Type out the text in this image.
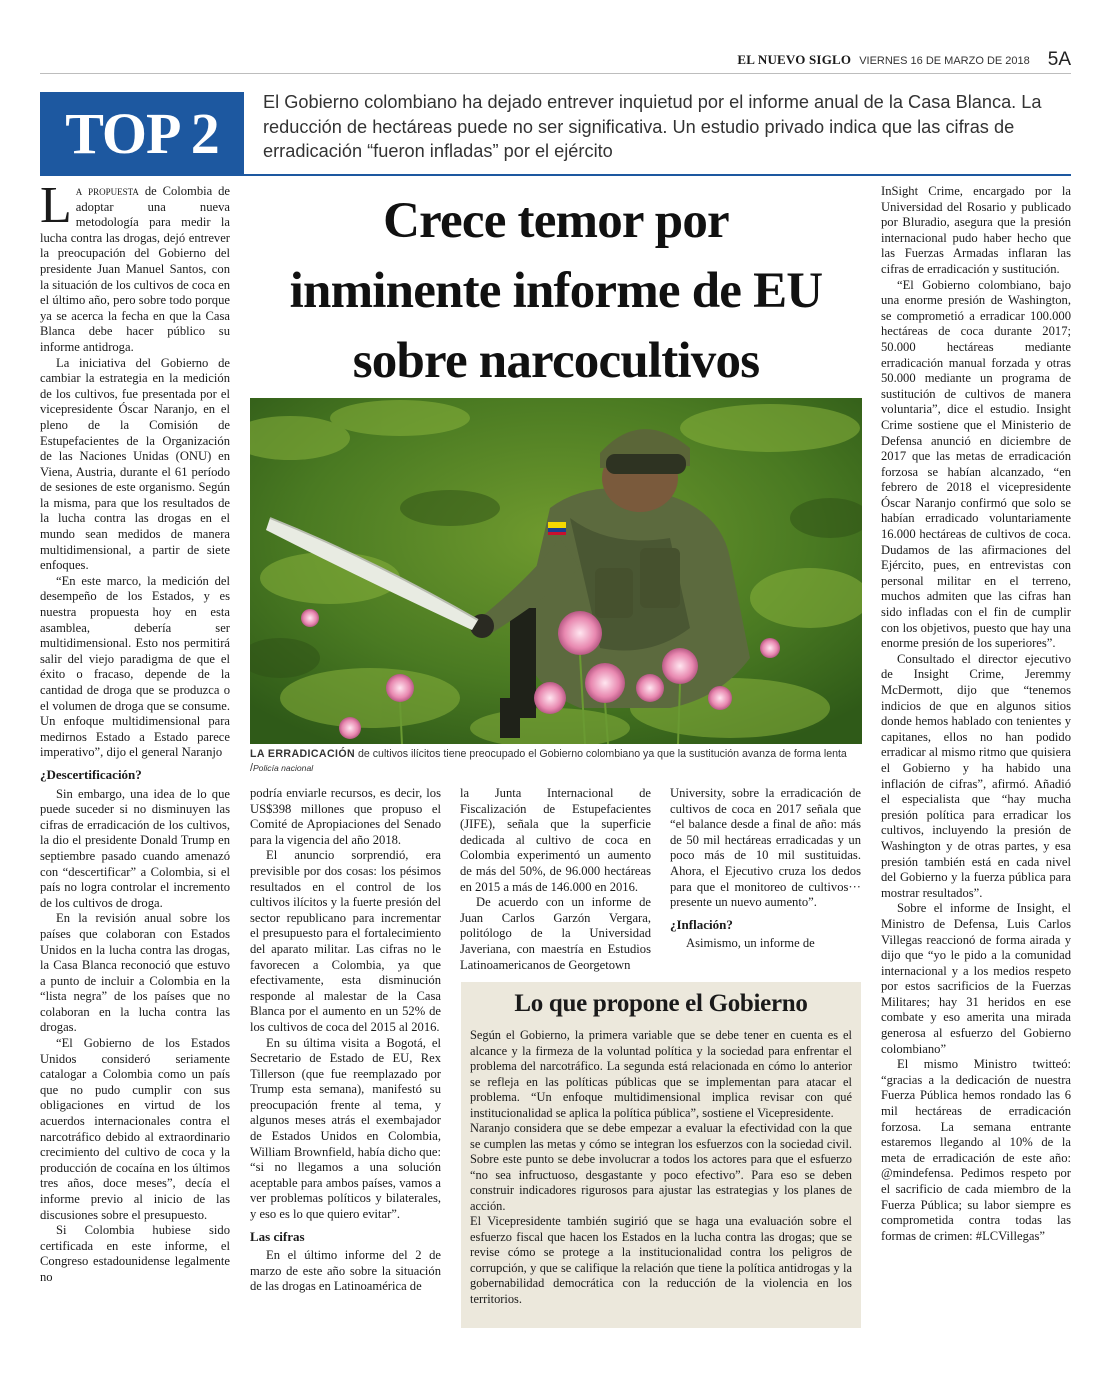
EL NUEVO SIGLO VIERNES 16 DE MARZO DE 2018 5A
TOP 2	El Gobierno colombiano ha dejado entrever inquietud por el informe anual de la Casa Blanca. La reducción de hectáreas puede no ser significativa. Un estudio privado indica que las cifras de erradicación “fueron infladas” por el ejército

La propuesta de Colombia de adoptar una nueva metodología para medir la lucha contra las drogas, dejó entrever la preocupación del Gobierno del presidente Juan Manuel Santos, con la situación de los cultivos de coca en el último año, pero sobre todo porque ya se acerca la fecha en que la Casa Blanca debe hacer público su informe antidroga.

La iniciativa del Gobierno de cambiar la estrategia en la medición de los cultivos, fue presentada por el vicepresidente Óscar Naranjo, en el pleno de la Comisión de Estupefacientes de la Organización de las Naciones Unidas (ONU) en Viena, Austria, durante el 61 período de sesiones de este organismo. Según la misma, para que los resultados de la lucha contra las drogas en el mundo sean medidos de manera multidimensional, a partir de siete enfoques.

“En este marco, la medición del desempeño de los Estados, y es nuestra propuesta hoy en esta asamblea, debería ser multidimensional. Esto nos permitirá salir del viejo paradigma de que el éxito o fracaso, depende de la cantidad de droga que se produzca o el volumen de droga que se consume. Un enfoque multidimensional para medirnos Estado a Estado parece imperativo”, dijo el general Naranjo

¿Descertificación?

Sin embargo, una idea de lo que puede suceder si no disminuyen las cifras de erradicación de los cultivos, la dio el presidente Donald Trump en septiembre pasado cuando amenazó con “descertificar” a Colombia, si el país no logra controlar el incremento de los cultivos de droga.

En la revisión anual sobre los países que colaboran con Estados Unidos en la lucha contra las drogas, la Casa Blanca reconoció que estuvo a punto de incluir a Colombia en la “lista negra” de los países que no colaboran en la lucha contra las drogas.

“El Gobierno de los Estados Unidos consideró seriamente catalogar a Colombia como un país que no pudo cumplir con sus obligaciones en virtud de los acuerdos internacionales contra el narcotráfico debido al extraordinario crecimiento del cultivo de coca y la producción de cocaína en los últimos tres años, doce meses”, decía el informe previo al inicio de las discusiones sobre el presupuesto.

Si Colombia hubiese sido certificada en este informe, el Congreso estadounidense legalmente no

Crece temor por
inminente informe de EU
sobre narcocultivos
LA ERRADICACIÓN de cultivos ilícitos tiene preocupado el Gobierno colombiano ya que la sustitución avanza de forma lenta /Policía nacional

podría enviarle recursos, es decir, los US$398 millones que propuso el Comité de Apropiaciones del Senado para la vigencia del año 2018.

El anuncio sorprendió, era previsible por dos cosas: los pésimos resultados en el control de los cultivos ilícitos y la fuerte presión del sector republicano para incrementar el presupuesto para el fortalecimiento del aparato militar. Las cifras no le favorecen a Colombia, ya que efectivamente, esta disminución responde al malestar de la Casa Blanca por el aumento en un 52% de los cultivos de coca del 2015 al 2016.

En su última visita a Bogotá, el Secretario de Estado de EU, Rex Tillerson (que fue reemplazado por Trump esta semana), manifestó su preocupación frente al tema, y algunos meses atrás el exembajador de Estados Unidos en Colombia, William Brownfield, había dicho que: “si no llegamos a una solución aceptable para ambos países, vamos a ver problemas políticos y bilaterales, y eso es lo que quiero evitar”.

Las cifras

En el último informe del 2 de marzo de este año sobre la situación de las drogas en Latinoamérica de

la Junta Internacional de Fiscalización de Estupefacientes (JIFE), señala que la superficie dedicada al cultivo de coca en Colombia experimentó un aumento de más del 50%, de 96.000 hectáreas en 2015 a más de 146.000 en 2016.

De acuerdo con un informe de Juan Carlos Garzón Vergara, politólogo de la Universidad Javeriana, con maestría en Estudios Latinoamericanos de Georgetown

University, sobre la erradicación de cultivos de coca en 2017 señala que “el balance desde a final de año: más de 50 mil hectáreas erradicadas y un poco más de 10 mil sustituidas. Ahora, el Ejecutivo cruza los dedos para que el monitoreo de cultivos··· presente un nuevo aumento”.

¿Inflación?

Asimismo, un informe de

Lo que propone el Gobierno

Según el Gobierno, la primera variable que se debe tener en cuenta es el alcance y la firmeza de la voluntad política y la sociedad para enfrentar el problema del narcotráfico. La segunda está relacionada en cómo lo anterior se refleja en las políticas públicas que se implementan para atacar el problema. “Un enfoque multidimensional implica revisar con qué institucionalidad se aplica la política pública”, sostiene el Vicepresidente.

Naranjo considera que se debe empezar a evaluar la efectividad con la que se cumplen las metas y cómo se integran los esfuerzos con la sociedad civil. Sobre este punto se debe involucrar a todos los actores para que el esfuerzo “no sea infructuoso, desgastante y poco efectivo”. Para eso se deben construir indicadores rigurosos para ajustar las estrategias y los planes de acción.

El Vicepresidente también sugirió que se haga una evaluación sobre el esfuerzo fiscal que hacen los Estados en la lucha contra las drogas; que se revise cómo se protege a la institucionalidad contra los peligros de corrupción, y que se califique la relación que tiene la política antidrogas y la gobernabilidad democrática con la reducción de la violencia en los territorios.

InSight Crime, encargado por la Universidad del Rosario y publicado por Bluradio, asegura que la presión internacional pudo haber hecho que las Fuerzas Armadas inflaran las cifras de erradicación y sustitución.

“El Gobierno colombiano, bajo una enorme presión de Washington, se comprometió a erradicar 100.000 hectáreas de coca durante 2017; 50.000 hectáreas mediante erradicación manual forzada y otras 50.000 mediante un programa de sustitución de cultivos de manera voluntaria”, dice el estudio. Insight Crime sostiene que el Ministerio de Defensa anunció en diciembre de 2017 que las metas de erradicación forzosa se habían alcanzado, “en febrero de 2018 el vicepresidente Óscar Naranjo confirmó que solo se habían erradicado voluntariamente 16.000 hectáreas de cultivos de coca. Dudamos de las afirmaciones del Ejército, pues, en entrevistas con personal militar en el terreno, muchos admiten que las cifras han sido infladas con el fin de cumplir con los objetivos, puesto que hay una enorme presión de los superiores”.

Consultado el director ejecutivo de Insight Crime, Jeremmy McDermott, dijo que “tenemos indicios de que en algunos sitios donde hemos hablado con tenientes y capitanes, ellos no han podido erradicar al mismo ritmo que quisiera el Gobierno y ha habido una inflación de cifras”, afirmó. Añadió el especialista que “hay mucha presión política para erradicar los cultivos, incluyendo la presión de Washington y de otras partes, y esa presión también está en cada nivel del Gobierno y la fuerza pública para mostrar resultados”.

Sobre el informe de Insight, el Ministro de Defensa, Luis Carlos Villegas reaccionó de forma airada y dijo que “yo le pido a la comunidad internacional y a los medios respeto por estos sacrificios de la Fuerzas Militares; hay 31 heridos en ese combate y eso amerita una mirada generosa al esfuerzo del Gobierno colombiano”

El mismo Ministro twitteó: “gracias a la dedicación de nuestra Fuerza Pública hemos rondado las 6 mil hectáreas de erradicación forzosa. La semana entrante estaremos llegando al 10% de la meta de erradicación de este año: @mindefensa. Pedimos respeto por el sacrificio de cada miembro de la Fuerza Pública; su labor siempre es comprometida contra todas las formas de crimen: #LCVillegas”
